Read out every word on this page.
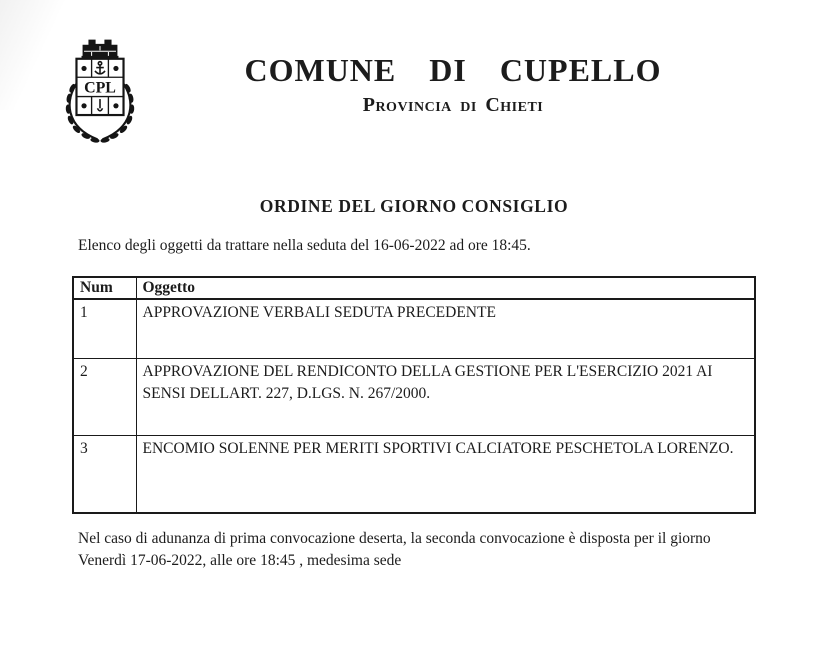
CPL	COMUNE DI CUPELLO
Provincia di Chieti
ORDINE DEL GIORNO CONSIGLIO
Elenco degli oggetti da trattare nella seduta del 16-06-2022 ad ore 18:45.
Num	Oggetto
1	APPROVAZIONE VERBALI SEDUTA PRECEDENTE
2	APPROVAZIONE DEL RENDICONTO DELLA GESTIONE PER L'ESERCIZIO 2021 AI SENSI DELLART. 227, D.LGS. N. 267/2000.
3	ENCOMIO SOLENNE PER MERITI SPORTIVI CALCIATORE PESCHETOLA LORENZO.
Nel caso di adunanza di prima convocazione deserta, la seconda convocazione è disposta per il giorno Venerdì 17-06-2022, alle ore 18:45 , medesima sede
